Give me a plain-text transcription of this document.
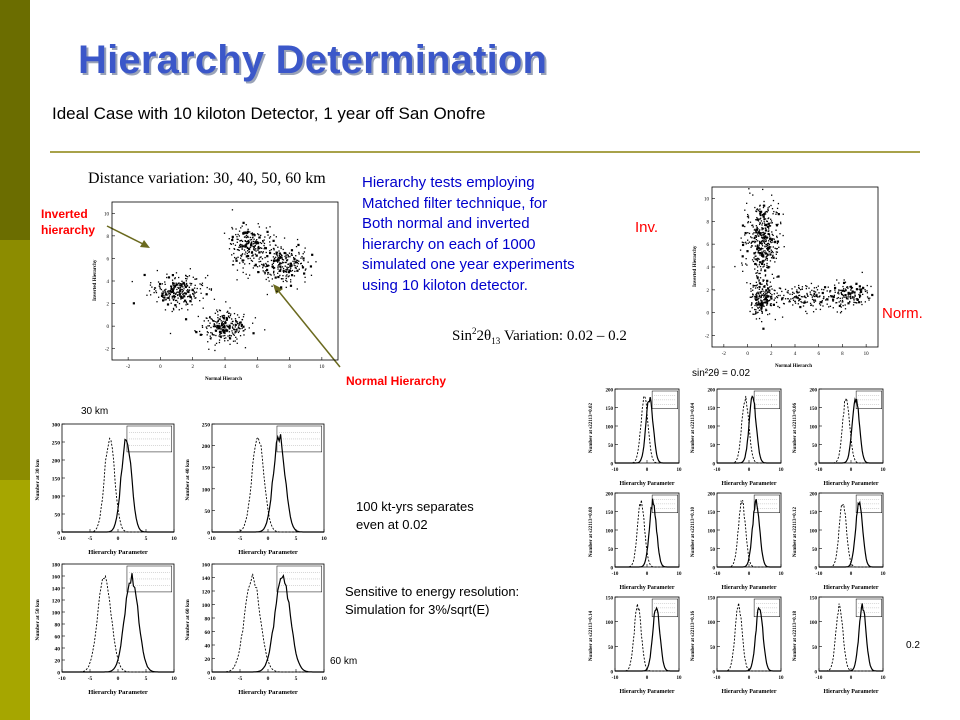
Hierarchy Determination
Ideal Case with 10 kiloton Detector, 1 year off San Onofre
Distance variation: 30, 40, 50, 60 km Hierarchy tests employing
Matched filter technique, for
Both normal and inverted
hierarchy on each of 1000
simulated one year experiments
using 10 kiloton detector.
Inverted
hierarchy
Normal Hierarchy
Inv.
Norm.
$Sin^22\theta_{13}$ Variation: 0.02 – 0.2
sin²2θ = 0.02
30 km
60 km
0.2
100 kt-yrs separates
even at 0.02
Sensitive to energy resolution:
Simulation for 3%/sqrt(E)
-2	0	2	4	6	8	10
-2
0
2
4
6
8
10
Normal Hierarch
Inverted Hierarchy
-2	0	2	4	6	8	10
-2
0
2
4
6
8
10
Normal Hierarch
Inverted Hierarchy
0
50
100
150
200
250
300
-10	-5	0	5	10
Hierarchy Parameter
Number at 30 km
0
50
100
150
200
250
-10	-5	0	5	10
Hierarchy Parameter
Number at 40 km
0
20
40
60
80
100
120
140
160
180
-10	-5	0	5	10
Hierarchy Parameter
Number at 50 km
0
20
40
60
80
100
120
140
160
-10	-5	0	5	10
Hierarchy Parameter
Number at 60 km
0
50
100
150
200
-10	0	10
Hierarchy Parameter
Number at s22113=0.02
0
50
100
150
200
-10	0	10
Hierarchy Parameter
Number at s22113=0.04
0
50
100
150
200
-10	0	10
Hierarchy Parameter
Number at s22113=0.06
0
50
100
150
200
-10	0	10
Hierarchy Parameter
Number at s22113=0.08
0
50
100
150
200
-10	0	10
Hierarchy Parameter
Number at s22113=0.10
0
50
100
150
200
-10	0	10
Hierarchy Parameter
Number at s22113=0.12
0
50
100
150
-10	0	10
Hierarchy Parameter
Number at s22113=0.14
0
50
100
150
-10	0	10
Hierarchy Parameter
Number at s22113=0.16
0
50
100
150
-10	0	10
Hierarchy Parameter
Number at s22113=0.18
